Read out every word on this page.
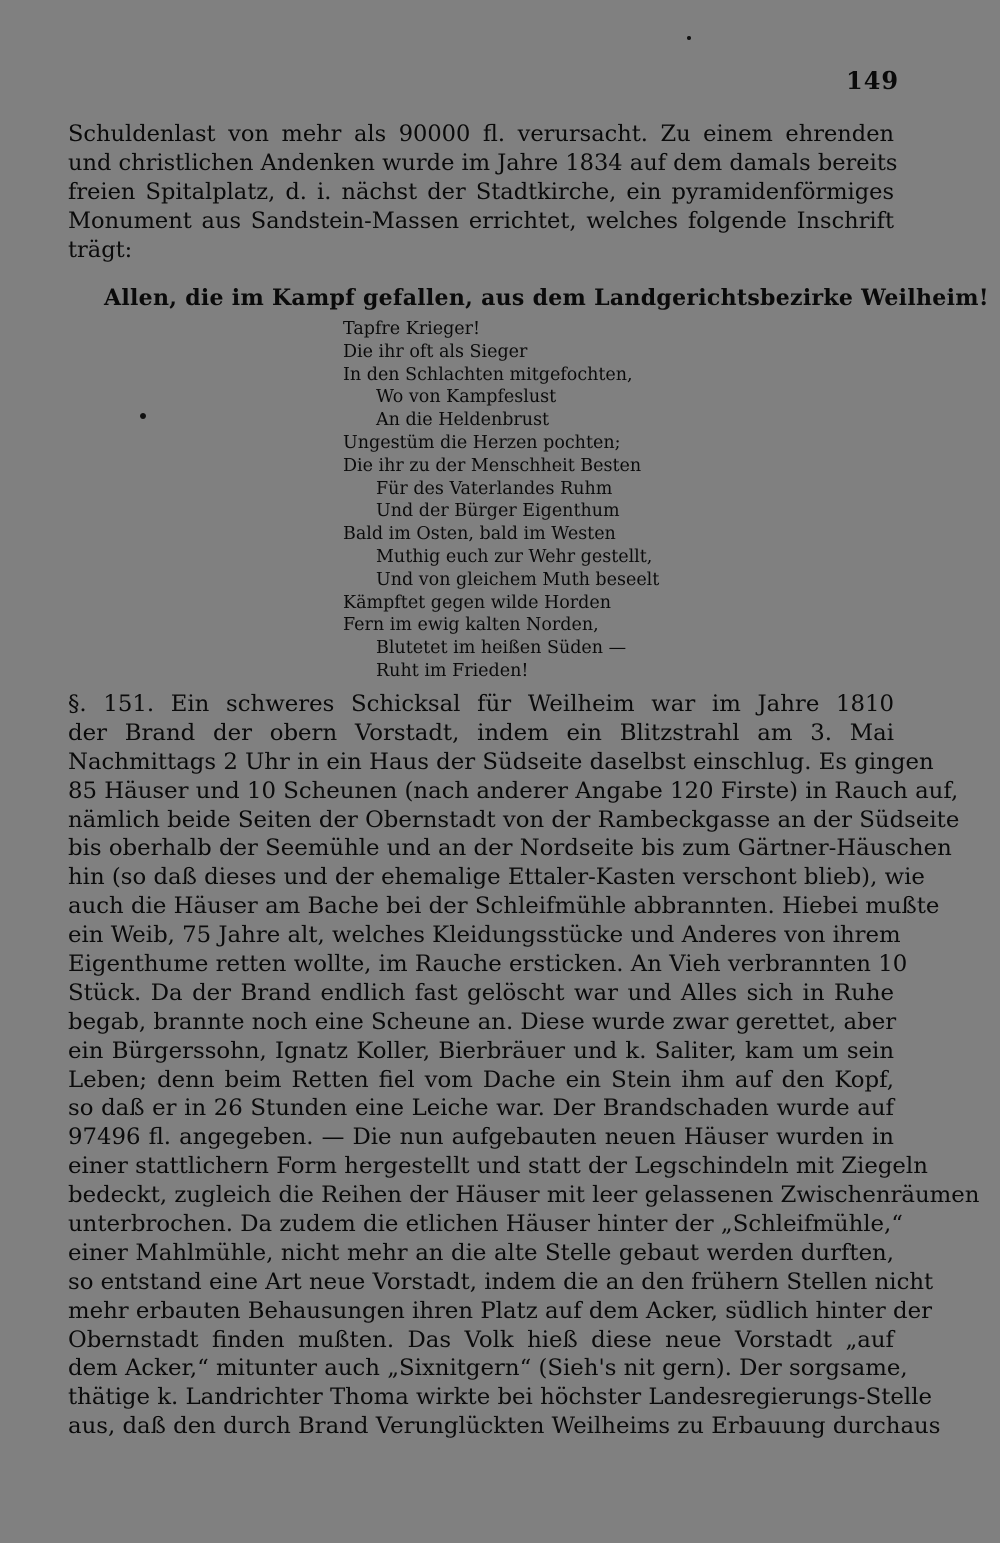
149
Schuldenlast von mehr als 90000 fl. verursacht. Zu einem ehrenden
und christlichen Andenken wurde im Jahre 1834 auf dem damals bereits
freien Spitalplatz, d. i. nächst der Stadtkirche, ein pyramidenförmiges
Monument aus Sandstein-Massen errichtet, welches folgende Inschrift
trägt:
Allen, die im Kampf gefallen, aus dem Landgerichtsbezirke Weilheim!
Tapfre Krieger!
Die ihr oft als Sieger
In den Schlachten mitgefochten,
Wo von Kampfeslust
An die Heldenbrust
Ungestüm die Herzen pochten;
Die ihr zu der Menschheit Besten
Für des Vaterlandes Ruhm
Und der Bürger Eigenthum
Bald im Osten, bald im Westen
Muthig euch zur Wehr gestellt,
Und von gleichem Muth beseelt
Kämpftet gegen wilde Horden
Fern im ewig kalten Norden,
Blutetet im heißen Süden —
Ruht im Frieden!
§. 151. Ein schweres Schicksal für Weilheim war im Jahre 1810
der Brand der obern Vorstadt, indem ein Blitzstrahl am 3. Mai
Nachmittags 2 Uhr in ein Haus der Südseite daselbst einschlug. Es gingen
85 Häuser und 10 Scheunen (nach anderer Angabe 120 Firste) in Rauch auf,
nämlich beide Seiten der Obernstadt von der Rambeckgasse an der Südseite
bis oberhalb der Seemühle und an der Nordseite bis zum Gärtner-Häuschen
hin (so daß dieses und der ehemalige Ettaler-Kasten verschont blieb), wie
auch die Häuser am Bache bei der Schleifmühle abbrannten. Hiebei mußte
ein Weib, 75 Jahre alt, welches Kleidungsstücke und Anderes von ihrem
Eigenthume retten wollte, im Rauche ersticken. An Vieh verbrannten 10
Stück. Da der Brand endlich fast gelöscht war und Alles sich in Ruhe
begab, brannte noch eine Scheune an. Diese wurde zwar gerettet, aber
ein Bürgerssohn, Ignatz Koller, Bierbräuer und k. Saliter, kam um sein
Leben; denn beim Retten fiel vom Dache ein Stein ihm auf den Kopf,
so daß er in 26 Stunden eine Leiche war. Der Brandschaden wurde auf
97496 fl. angegeben. — Die nun aufgebauten neuen Häuser wurden in
einer stattlichern Form hergestellt und statt der Legschindeln mit Ziegeln
bedeckt, zugleich die Reihen der Häuser mit leer gelassenen Zwischenräumen
unterbrochen. Da zudem die etlichen Häuser hinter der „Schleifmühle,“
einer Mahlmühle, nicht mehr an die alte Stelle gebaut werden durften,
so entstand eine Art neue Vorstadt, indem die an den frühern Stellen nicht
mehr erbauten Behausungen ihren Platz auf dem Acker, südlich hinter der
Obernstadt finden mußten. Das Volk hieß diese neue Vorstadt „auf
dem Acker,“ mitunter auch „Sixnitgern“ (Sieh's nit gern). Der sorgsame,
thätige k. Landrichter Thoma wirkte bei höchster Landesregierungs-Stelle
aus, daß den durch Brand Verunglückten Weilheims zu Erbauung durchaus
